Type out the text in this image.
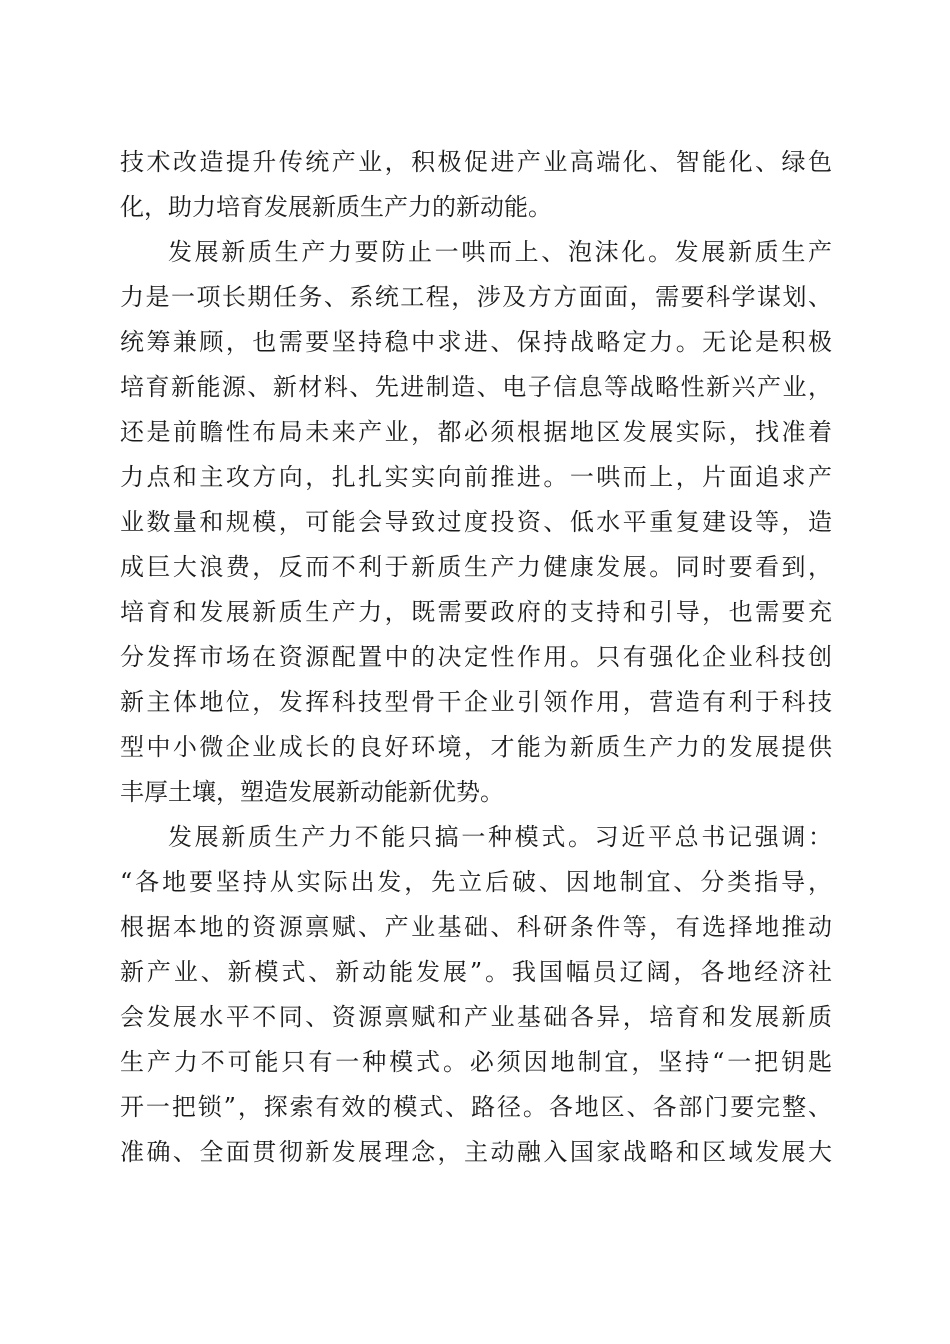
技术改造提升传统产业，积极促进产业高端化、智能化、绿色
化，助力培育发展新质生产力的新动能。
发展新质生产力要防止一哄而上、泡沫化。发展新质生产
力是一项长期任务、系统工程，涉及方方面面，需要科学谋划、
统筹兼顾，也需要坚持稳中求进、保持战略定力。无论是积极
培育新能源、新材料、先进制造、电子信息等战略性新兴产业，
还是前瞻性布局未来产业，都必须根据地区发展实际，找准着
力点和主攻方向，扎扎实实向前推进。一哄而上，片面追求产
业数量和规模，可能会导致过度投资、低水平重复建设等，造
成巨大浪费，反而不利于新质生产力健康发展。同时要看到，
培育和发展新质生产力，既需要政府的支持和引导，也需要充
分发挥市场在资源配置中的决定性作用。只有强化企业科技创
新主体地位，发挥科技型骨干企业引领作用，营造有利于科技
型中小微企业成长的良好环境，才能为新质生产力的发展提供
丰厚土壤，塑造发展新动能新优势。
发展新质生产力不能只搞一种模式。习近平总书记强调：
“各地要坚持从实际出发，先立后破、因地制宜、分类指导，
根据本地的资源禀赋、产业基础、科研条件等，有选择地推动
新产业、新模式、新动能发展”。我国幅员辽阔，各地经济社
会发展水平不同、资源禀赋和产业基础各异，培育和发展新质
生产力不可能只有一种模式。必须因地制宜，坚持“一把钥匙
开一把锁”，探索有效的模式、路径。各地区、各部门要完整、
准确、全面贯彻新发展理念，主动融入国家战略和区域发展大
